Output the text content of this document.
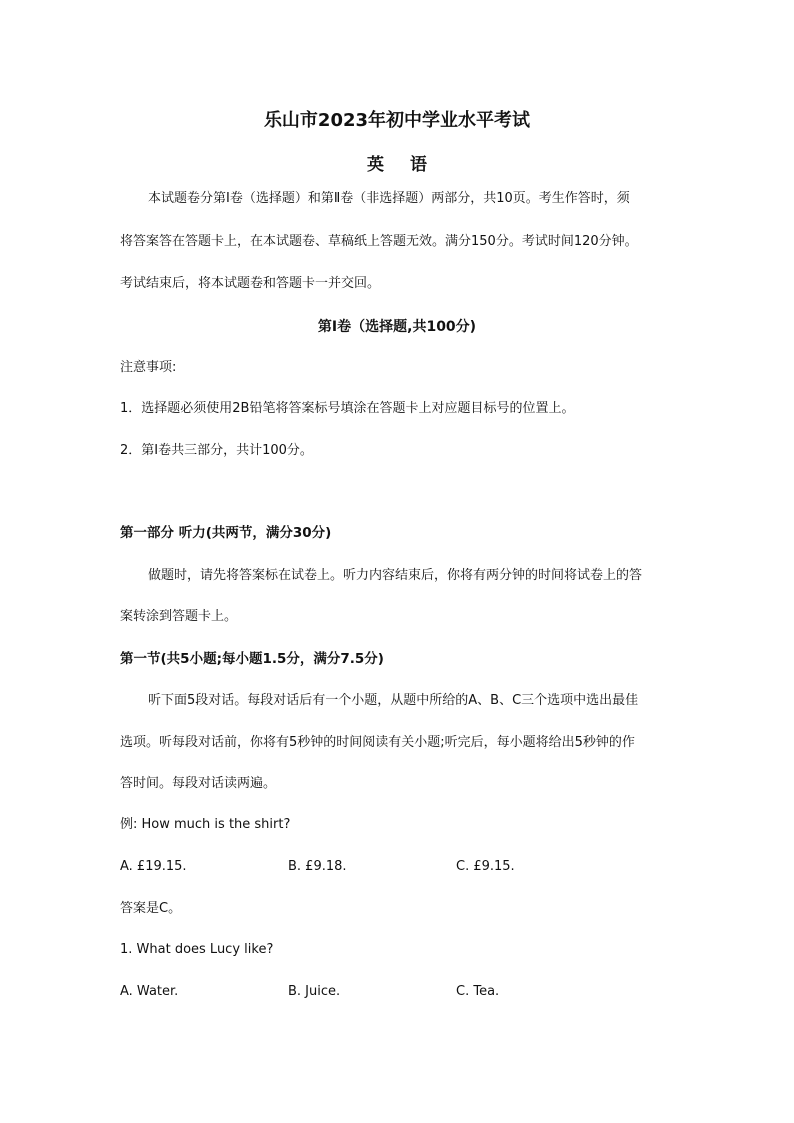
乐山市2023年初中学业水平考试
英语
本试题卷分第Ⅰ卷（选择题）和第Ⅱ卷（非选择题）两部分，共10页。考生作答时，须
将答案答在答题卡上，在本试题卷、草稿纸上答题无效。满分150分。考试时间120分钟。
考试结束后，将本试题卷和答题卡一并交回。
第Ⅰ卷（选择题,共100分)
注意事项:
1．选择题必须使用2B铅笔将答案标号填涂在答题卡上对应题目标号的位置上。
2．第Ⅰ卷共三部分，共计100分。
第一部分 听力(共两节，满分30分)
做题时，请先将答案标在试卷上。听力内容结束后，你将有两分钟的时间将试卷上的答
案转涂到答题卡上。
第一节(共5小题;每小题1.5分，满分7.5分)
听下面5段对话。每段对话后有一个小题，从题中所给的A、B、C三个选项中选出最佳
选项。听每段对话前，你将有5秒钟的时间阅读有关小题;听完后，每小题将给出5秒钟的作
答时间。每段对话读两遍。
例: How much is the shirt?
A. £19.15.	B. £9.18.	C. £9.15.
答案是C。
1. What does Lucy like?
A. Water.	B. Juice.	C. Tea.
